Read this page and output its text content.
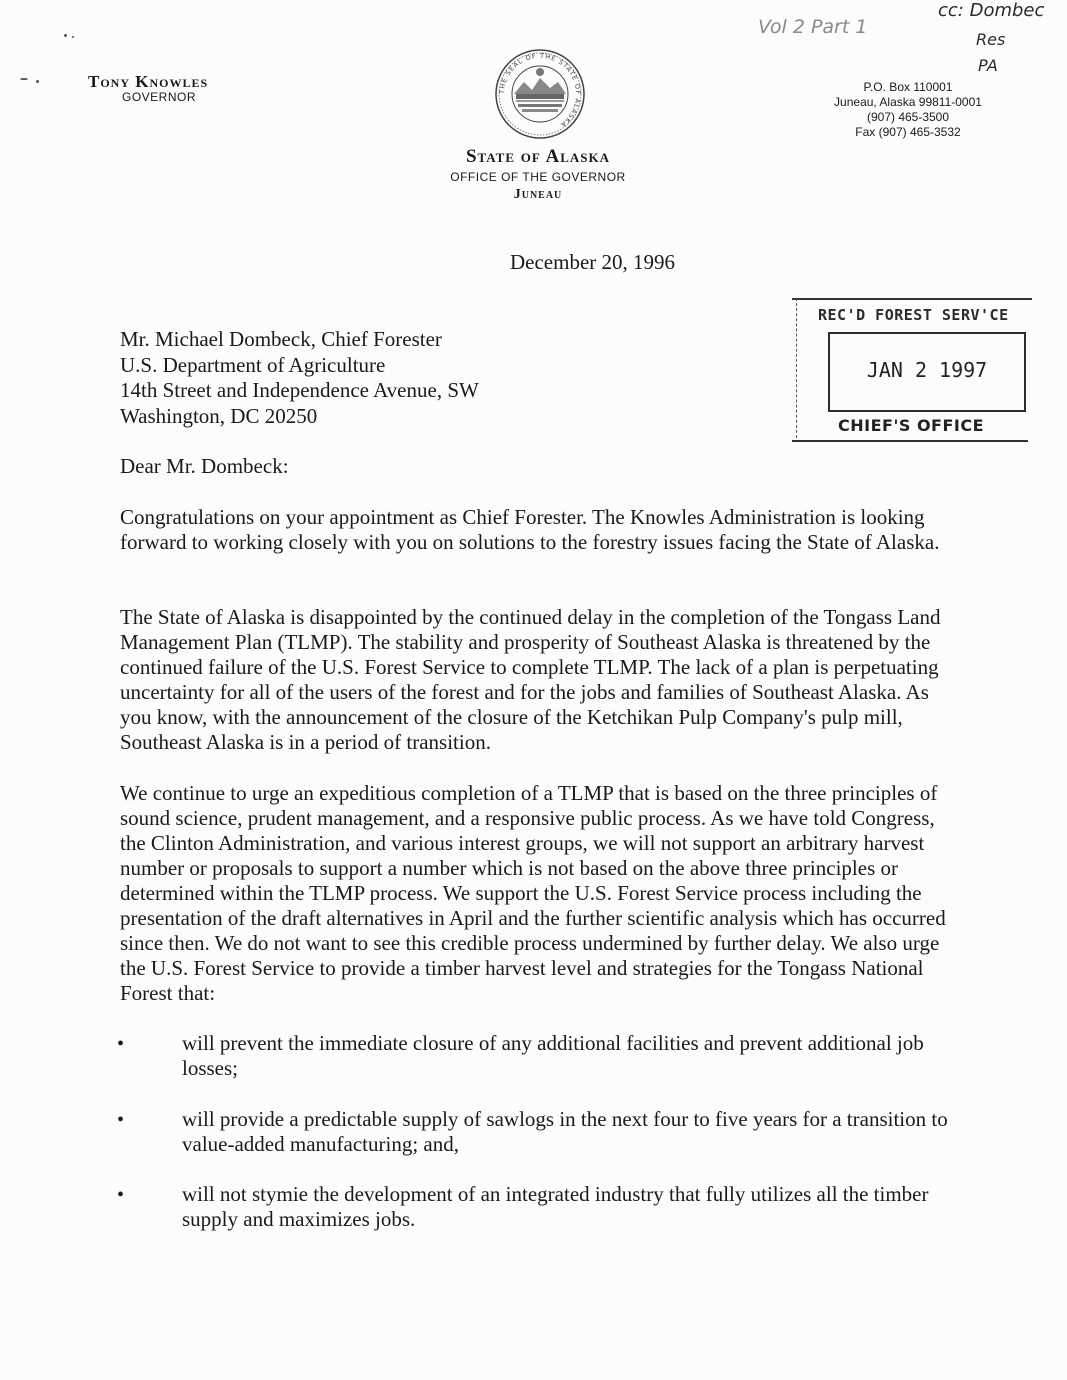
Tony Knowles
GOVERNOR	THE SEAL OF THE STATE OF ALASKA
State of Alaska
OFFICE OF THE GOVERNOR
Juneau
P.O. Box 110001
Juneau, Alaska 99811-0001
(907) 465-3500
Fax (907) 465-3532
Vol 2 Part 1
cc: Dombec
Res
PA
December 20, 1996
REC'D FOREST SERV'CE
JAN 2 1997
CHIEF'S OFFICE
Mr. Michael Dombeck, Chief Forester
U.S. Department of Agriculture
14th Street and Independence Avenue, SW
Washington, DC 20250
Dear Mr. Dombeck:

Congratulations on your appointment as Chief Forester. The Knowles Administration is looking forward to working closely with you on solutions to the forestry issues facing the State of Alaska.

The State of Alaska is disappointed by the continued delay in the completion of the Tongass Land Management Plan (TLMP). The stability and prosperity of Southeast Alaska is threatened by the continued failure of the U.S. Forest Service to complete TLMP. The lack of a plan is perpetuating uncertainty for all of the users of the forest and for the jobs and families of Southeast Alaska. As you know, with the announcement of the closure of the Ketchikan Pulp Company's pulp mill, Southeast Alaska is in a period of transition.

We continue to urge an expeditious completion of a TLMP that is based on the three principles of sound science, prudent management, and a responsive public process. As we have told Congress, the Clinton Administration, and various interest groups, we will not support an arbitrary harvest number or proposals to support a number which is not based on the above three principles or determined within the TLMP process. We support the U.S. Forest Service process including the presentation of the draft alternatives in April and the further scientific analysis which has occurred since then. We do not want to see this credible process undermined by further delay. We also urge the U.S. Forest Service to provide a timber harvest level and strategies for the Tongass National Forest that:

•	will prevent the immediate closure of any additional facilities and prevent additional job losses;

•	will provide a predictable supply of sawlogs in the next four to five years for a transition to value-added manufacturing; and,

•	will not stymie the development of an integrated industry that fully utilizes all the timber supply and maximizes jobs.
